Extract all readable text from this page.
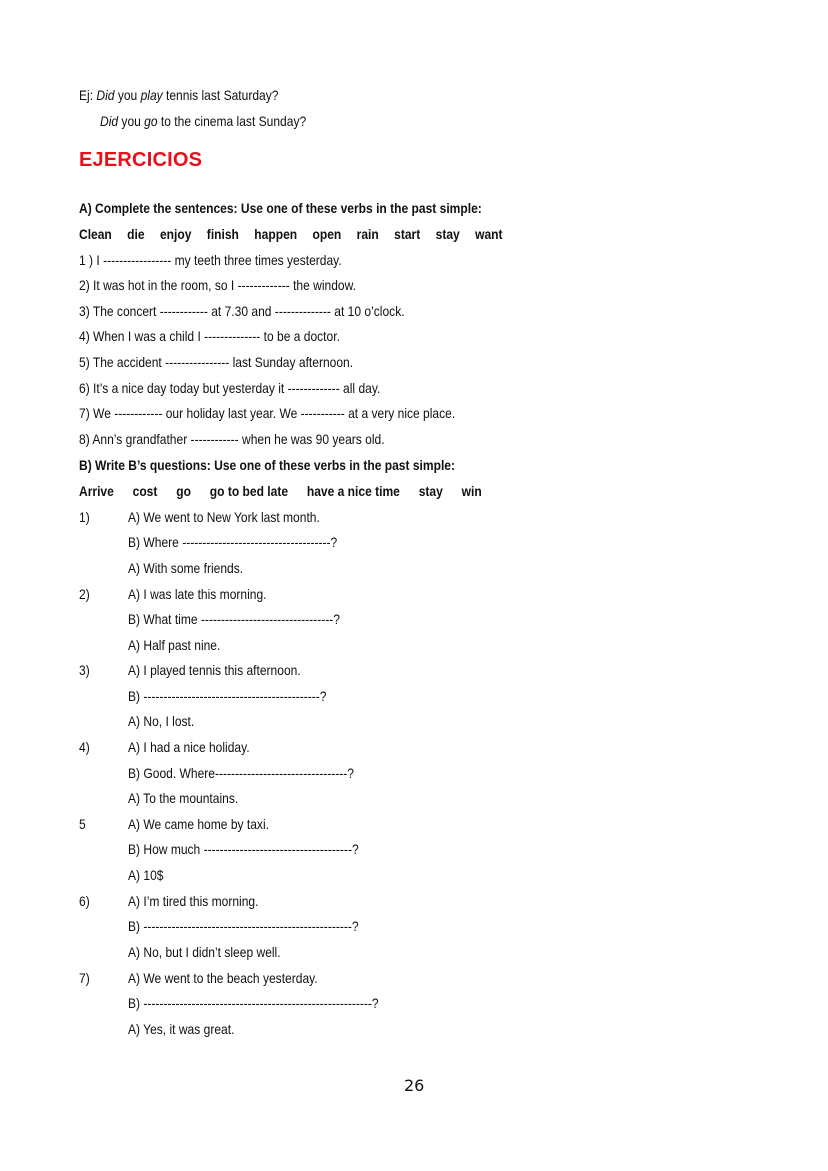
Ej: Did you play tennis last Saturday?
Did you go to the cinema last Sunday?
EJERCICIOS
A) Complete the sentences: Use one of these verbs in the past simple:
Clean die enjoy finish happen open rain start stay want
1 ) I ----------------- my teeth three times yesterday.
2) It was hot in the room, so I ------------- the window.
3) The concert ------------ at 7.30 and -------------- at 10 o’clock.
4) When I was a child I -------------- to be a doctor.
5) The accident ---------------- last Sunday afternoon.
6) It’s a nice day today but yesterday it ------------- all day.
7) We ------------ our holiday last year. We ----------- at a very nice place.
8) Ann’s grandfather ------------ when he was 90 years old.
B) Write B’s questions: Use one of these verbs in the past simple:
Arrive cost go go to bed late have a nice time stay win
1)	A) We went to New York last month.
B) Where -------------------------------------?
A) With some friends.
2)	A) I was late this morning.
B) What time ---------------------------------?
A) Half past nine.
3)	A) I played tennis this afternoon.
B) --------------------------------------------?
A) No, I lost.
4)	A) I had a nice holiday.
B) Good. Where---------------------------------?
A) To the mountains.
5	A) We came home by taxi.
B) How much -------------------------------------?
A) 10$
6)	A) I’m tired this morning.
B) ----------------------------------------------------?
A) No, but I didn’t sleep well.
7)	A) We went to the beach yesterday.
B) ---------------------------------------------------------?
A) Yes, it was great.
26
